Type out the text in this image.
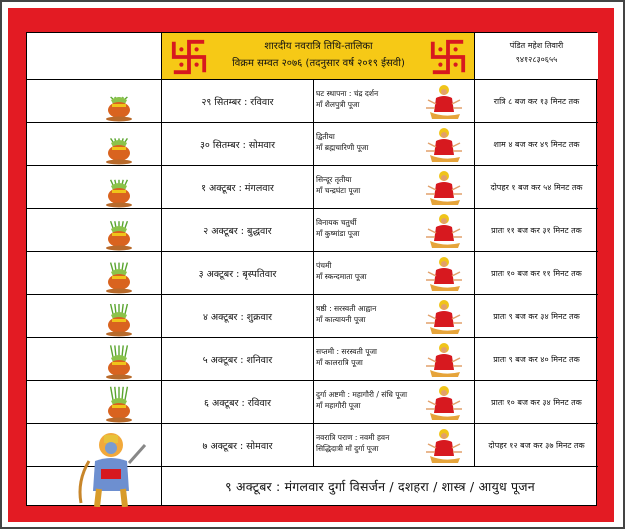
शारदीय नवरात्रि तिथि-तालिका
विक्रम सम्वत २०७६ (तदनुसार वर्ष २०१९ ईसवी)
पंडित महेश तिवारी
९४१२८३०६५५
२९ सितम्बर : रविवार
घट स्थापना : चंद्र दर्शन
माँ शैलपुत्री पूजा	रात्रि ८ बज कर १३ मिनट तक
३० सितम्बर : सोमवार
द्वितीया
माँ ब्रह्मचारिणी पूजा	शाम ४ बज कर ४९ मिनट तक
१ अक्टूबर : मंगलवार
सिन्दूर तृतीया
माँ चन्द्रघंटा पूजा	दोपहर १ बज कर ५४ मिनट तक
२ अक्टूबर : बुद्धवार
विनायक चतुर्थी
माँ कुष्मांडा पूजा	प्रातः ११ बज कर ३१ मिनट तक
३ अक्टूबर : बृस्पतिवार
पंचमी
माँ स्कन्दमाता पूजा	प्रातः १० बज कर ११ मिनट तक
४ अक्टूबर : शुक्रवार
षष्ठी : सरस्वती आह्वान
माँ कात्यायनी पूजा	प्रातः ९ बज कर ३४ मिनट तक
५ अक्टूबर : शनिवार
सप्तमी : सरस्वती पूजा
माँ कालरात्रि पूजा	प्रातः ९ बज कर ४० मिनट तक
६ अक्टूबर : रविवार
दुर्गा अष्टमी : महागौरी / संधि पूजा
माँ महागौरी पूजा	प्रातः १० बज कर ३४ मिनट तक
७ अक्टूबर : सोमवार
नवरात्रि पराण : नवमी हवन
सिद्धिदात्री माँ दुर्गा पूजा	दोपहर १२ बज कर ३७ मिनट तक
९ अक्टूबर : मंगलवार दुर्गा विसर्जन / दशहरा / शास्त्र / आयुध पूजन
